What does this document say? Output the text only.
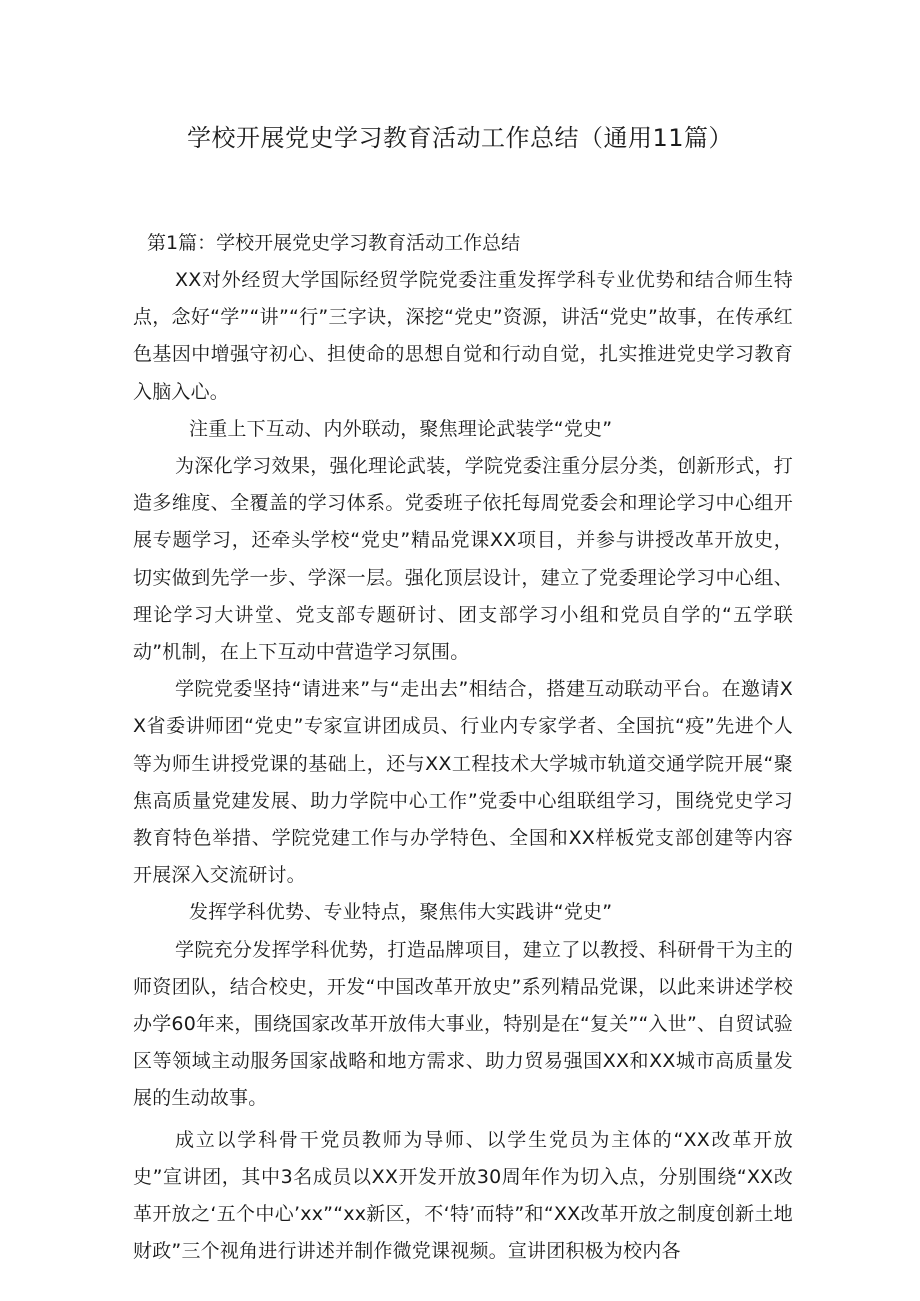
学校开展党史学习教育活动工作总结（通用11篇）

第1篇：学校开展党史学习教育活动工作总结

XX对外经贸大学国际经贸学院党委注重发挥学科专业优势和结合师生特点，念好“学”“讲”“行”三字诀，深挖“党史”资源，讲活“党史”故事，在传承红色基因中增强守初心、担使命的思想自觉和行动自觉，扎实推进党史学习教育入脑入心。

注重上下互动、内外联动，聚焦理论武装学“党史”

为深化学习效果，强化理论武装，学院党委注重分层分类，创新形式，打造多维度、全覆盖的学习体系。党委班子依托每周党委会和理论学习中心组开展专题学习，还牵头学校“党史”精品党课XX项目，并参与讲授改革开放史，切实做到先学一步、学深一层。强化顶层设计，建立了党委理论学习中心组、理论学习大讲堂、党支部专题研讨、团支部学习小组和党员自学的“五学联动”机制，在上下互动中营造学习氛围。

学院党委坚持“请进来”与“走出去”相结合，搭建互动联动平台。在邀请XX省委讲师团“党史”专家宣讲团成员、行业内专家学者、全国抗“疫”先进个人等为师生讲授党课的基础上，还与XX工程技术大学城市轨道交通学院开展“聚焦高质量党建发展、助力学院中心工作”党委中心组联组学习，围绕党史学习教育特色举措、学院党建工作与办学特色、全国和XX样板党支部创建等内容开展深入交流研讨。

发挥学科优势、专业特点，聚焦伟大实践讲“党史”

学院充分发挥学科优势，打造品牌项目，建立了以教授、科研骨干为主的师资团队，结合校史，开发“中国改革开放史”系列精品党课，以此来讲述学校办学60年来，围绕国家改革开放伟大事业，特别是在“复关”“入世”、自贸试验区等领域主动服务国家战略和地方需求、助力贸易强国XX和XX城市高质量发展的生动故事。

成立以学科骨干党员教师为导师、以学生党员为主体的“XX改革开放史”宣讲团，其中3名成员以XX开发开放30周年作为切入点，分别围绕“XX改革开放之‘五个中心’xx”“xx新区，不‘特’而特”和“XX改革开放之制度创新土地财政”三个视角进行讲述并制作微党课视频。宣讲团积极为校内各
